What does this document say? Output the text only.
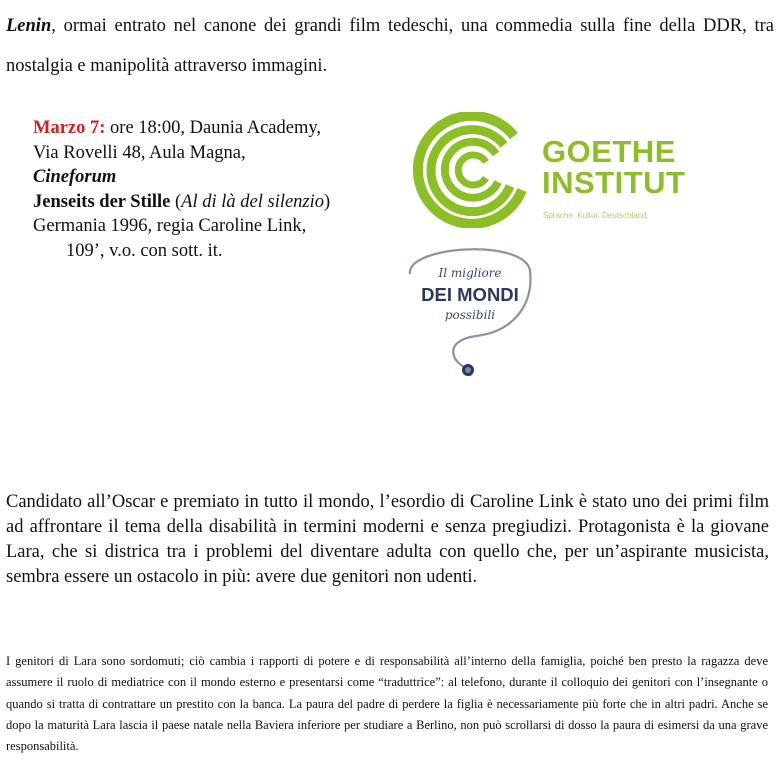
Lenin, ormai entrato nel canone dei grandi film tedeschi, una commedia sulla fine della DDR, tra nostalgia e manipolità attraverso immagini.

Marzo 7: ore 18:00, Daunia Academy,
Via Rovelli 48, Aula Magna,
Cineforum
Jenseits der Stille (Al di là del silenzio)
Germania 1996, regia Caroline Link,
109’, v.o. con sott. it.
GOETHE
INSTITUT
Sprache. Kultur. Deutschland.
Il migliore
DEI MONDI
possibili

Candidato all’Oscar e premiato in tutto il mondo, l’esordio di Caroline Link è stato uno dei primi film ad affrontare il tema della disabilità in termini moderni e senza pregiudizi. Protagonista è la giovane Lara, che si districa tra i problemi del diventare adulta con quello che, per un’aspirante musicista, sembra essere un ostacolo in più: avere due genitori non udenti.

I genitori di Lara sono sordomuti; ciò cambia i rapporti di potere e di responsabilità all’interno della famiglia, poiché ben presto la ragazza deve assumere il ruolo di mediatrice con il mondo esterno e presentarsi come “traduttrice”: al telefono, durante il colloquio dei genitori con l’insegnante o quando si tratta di contrattare un prestito con la banca. La paura del padre di perdere la figlia è necessariamente più forte che in altri padri. Anche se dopo la maturità Lara lascia il paese natale nella Baviera inferiore per studiare a Berlino, non può scrollarsi di dosso la paura di esimersi da una grave responsabilità.
